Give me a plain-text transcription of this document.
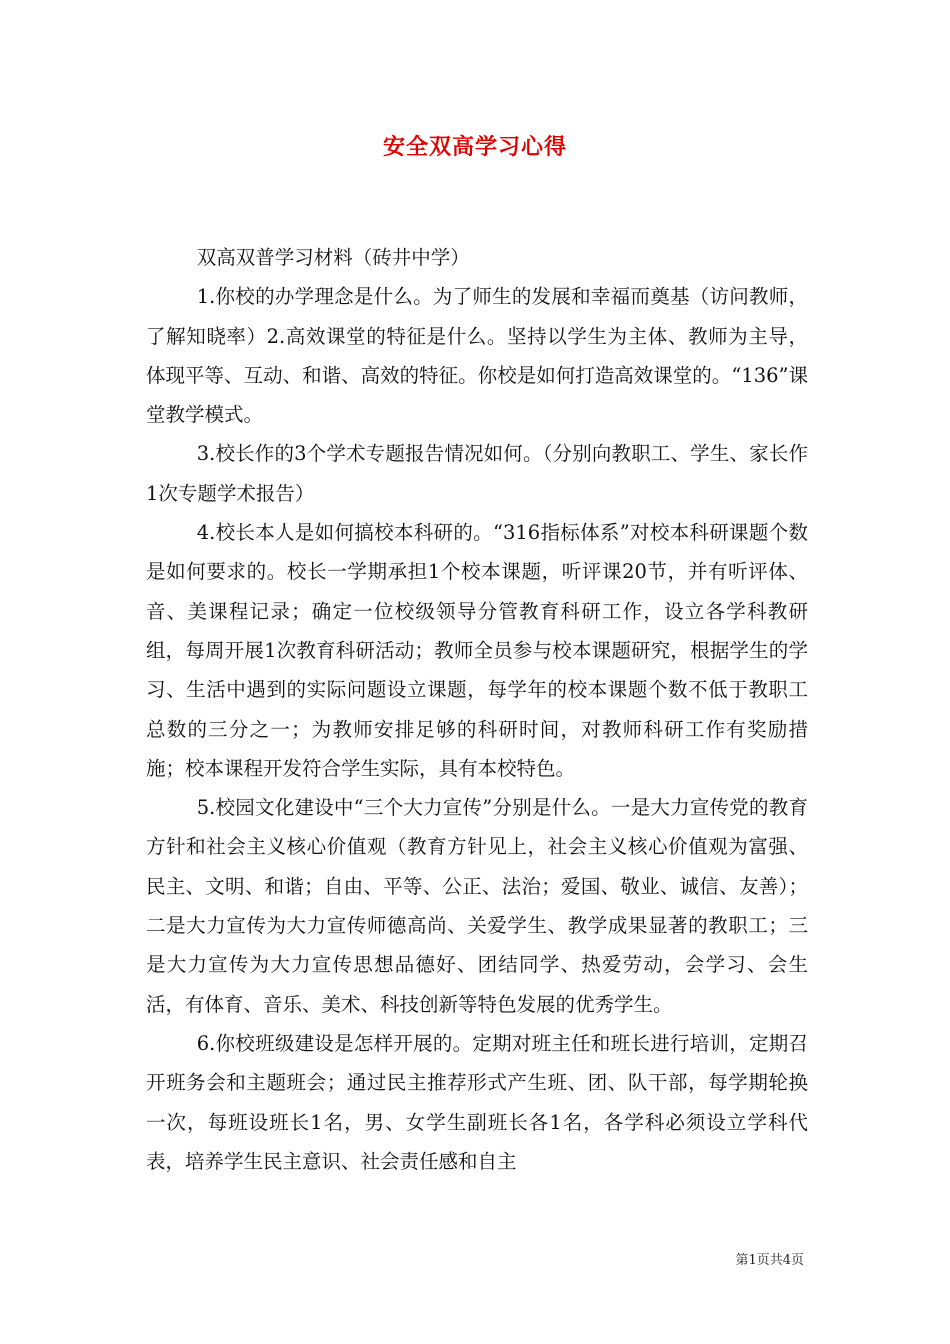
安全双高学习心得

双高双普学习材料（砖井中学）

1.你校的办学理念是什么。为了师生的发展和幸福而奠基（访问教师，了解知晓率）2.高效课堂的特征是什么。坚持以学生为主体、教师为主导，体现平等、互动、和谐、高效的特征。你校是如何打造高效课堂的。“136”课堂教学模式。

3.校长作的3个学术专题报告情况如何。（分别向教职工、学生、家长作1次专题学术报告）

4.校长本人是如何搞校本科研的。“316指标体系”对校本科研课题个数是如何要求的。校长一学期承担1个校本课题，听评课20节，并有听评体、音、美课程记录；确定一位校级领导分管教育科研工作，设立各学科教研组，每周开展1次教育科研活动；教师全员参与校本课题研究，根据学生的学习、生活中遇到的实际问题设立课题，每学年的校本课题个数不低于教职工总数的三分之一；为教师安排足够的科研时间，对教师科研工作有奖励措施；校本课程开发符合学生实际，具有本校特色。

5.校园文化建设中“三个大力宣传”分别是什么。一是大力宣传党的教育方针和社会主义核心价值观（教育方针见上，社会主义核心价值观为富强、民主、文明、和谐；自由、平等、公正、法治；爱国、敬业、诚信、友善）；二是大力宣传为大力宣传师德高尚、关爱学生、教学成果显著的教职工；三是大力宣传为大力宣传思想品德好、团结同学、热爱劳动，会学习、会生活，有体育、音乐、美术、科技创新等特色发展的优秀学生。

6.你校班级建设是怎样开展的。定期对班主任和班长进行培训，定期召开班务会和主题班会；通过民主推荐形式产生班、团、队干部，每学期轮换一次，每班设班长1名，男、女学生副班长各1名，各学科必须设立学科代表，培养学生民主意识、社会责任感和自主

第1页共4页
